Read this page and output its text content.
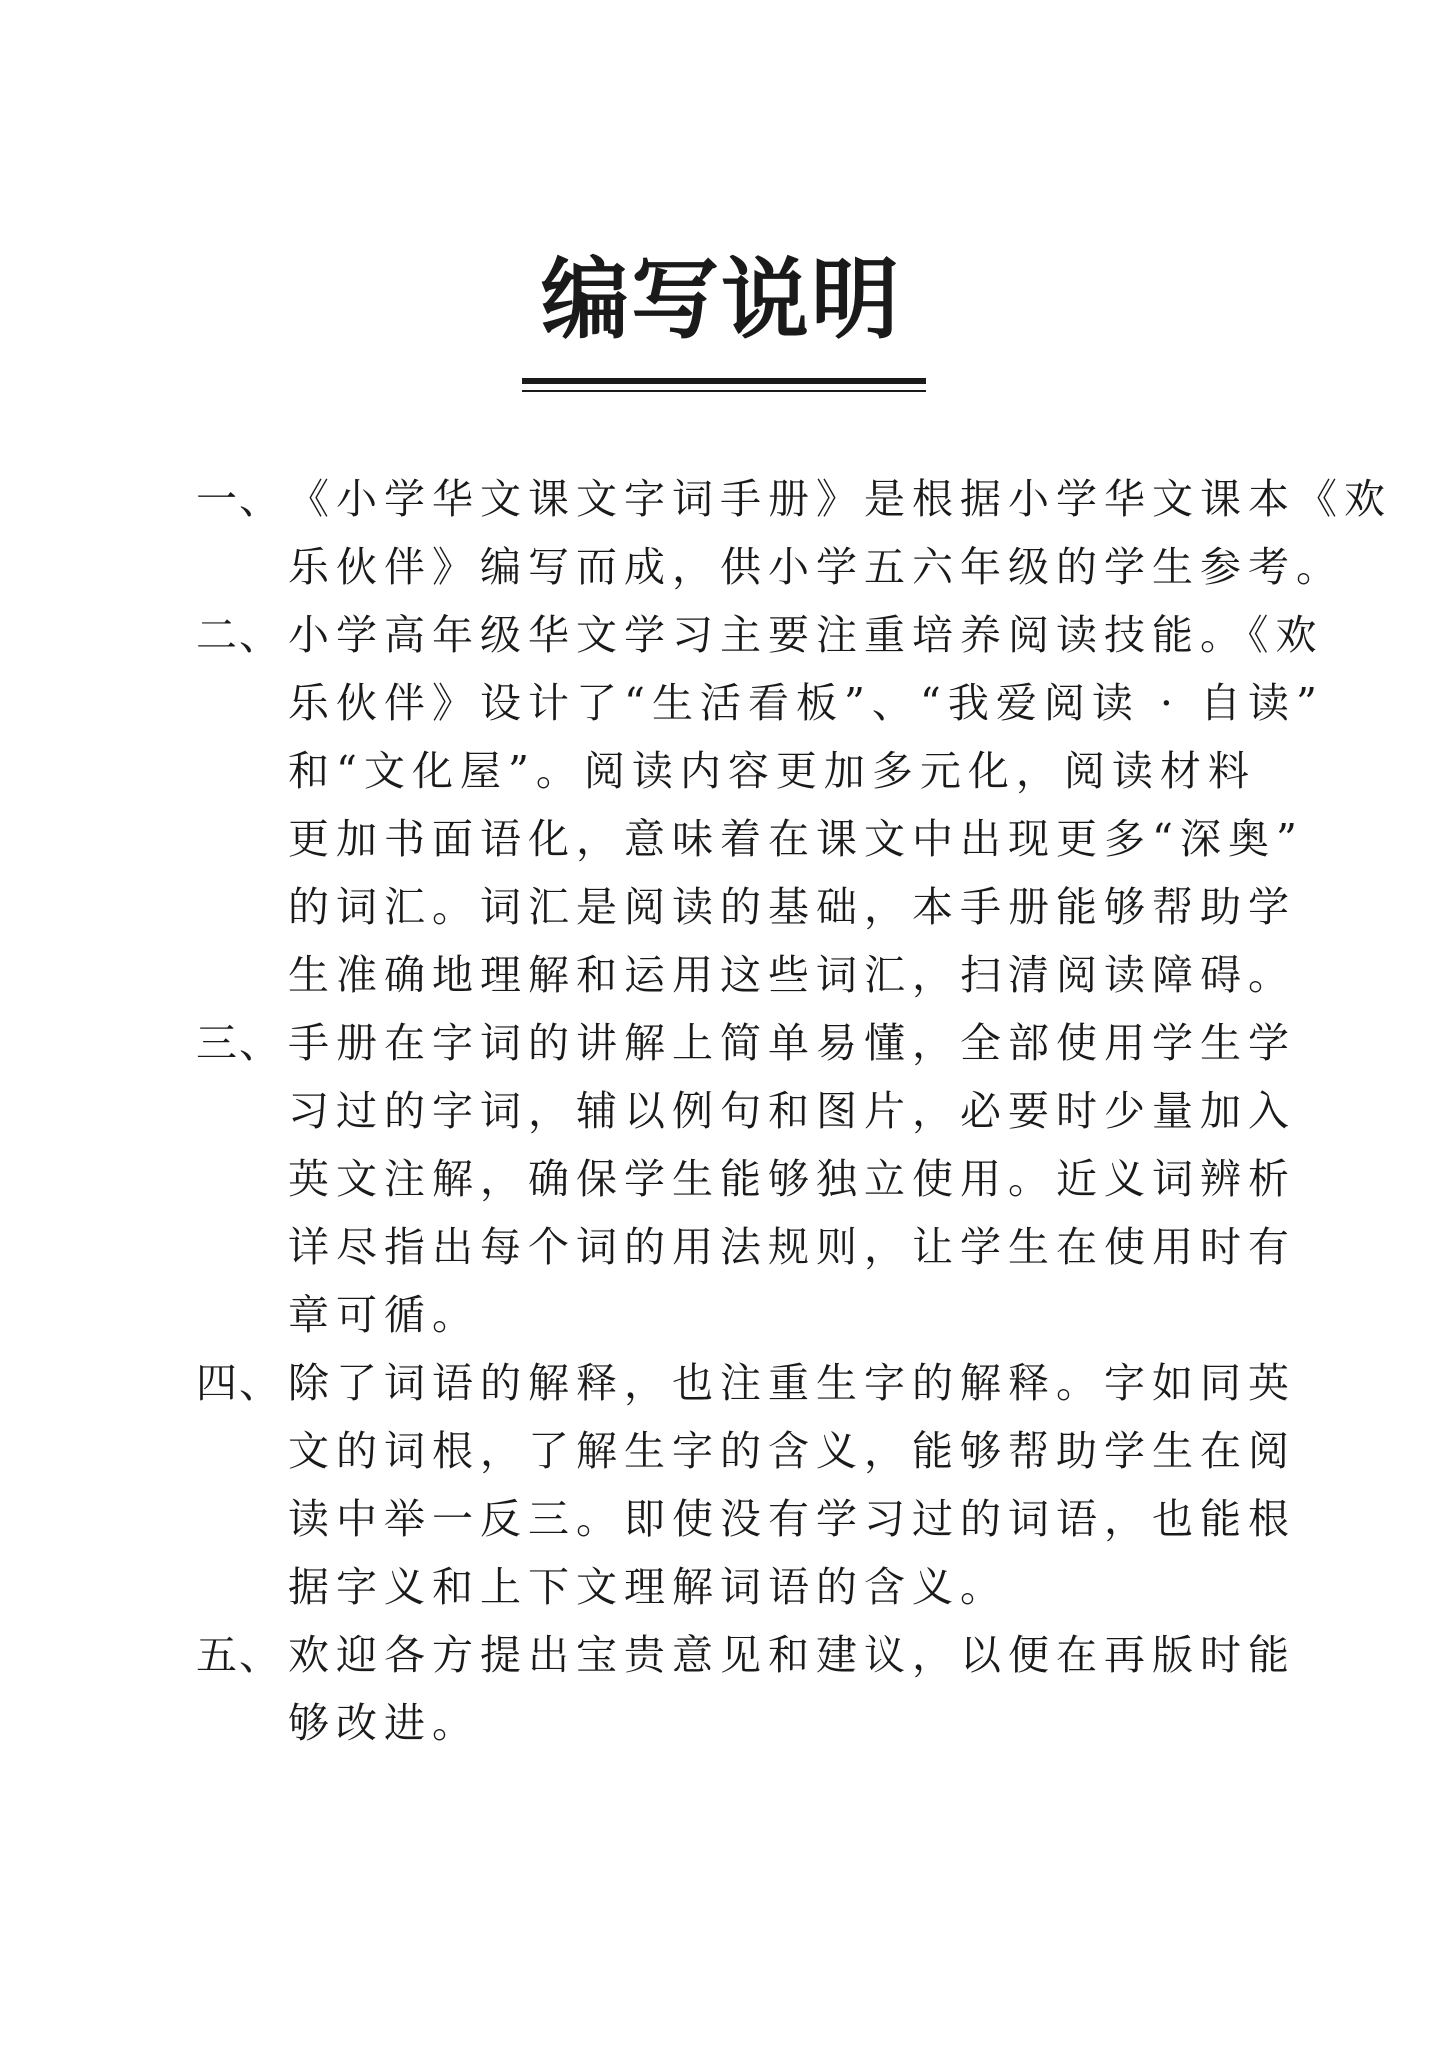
编写说明
一、 《小学华文课文字词手册》是根据小学华文课本《欢
乐伙伴》编写而成，供小学五六年级的学生参考。
二、 小学高年级华文学习主要注重培养阅读技能。《欢
乐伙伴》设计了“生活看板”、“我爱阅读 · 自读”
和“文化屋”。阅读内容更加多元化，阅读材料
更加书面语化，意味着在课文中出现更多“深奥”
的词汇。词汇是阅读的基础，本手册能够帮助学
生准确地理解和运用这些词汇，扫清阅读障碍。
三、 手册在字词的讲解上简单易懂，全部使用学生学
习过的字词，辅以例句和图片，必要时少量加入
英文注解，确保学生能够独立使用。近义词辨析
详尽指出每个词的用法规则，让学生在使用时有
章可循。
四、 除了词语的解释，也注重生字的解释。字如同英
文的词根，了解生字的含义，能够帮助学生在阅
读中举一反三。即使没有学习过的词语，也能根
据字义和上下文理解词语的含义。
五、 欢迎各方提出宝贵意见和建议，以便在再版时能
够改进。
